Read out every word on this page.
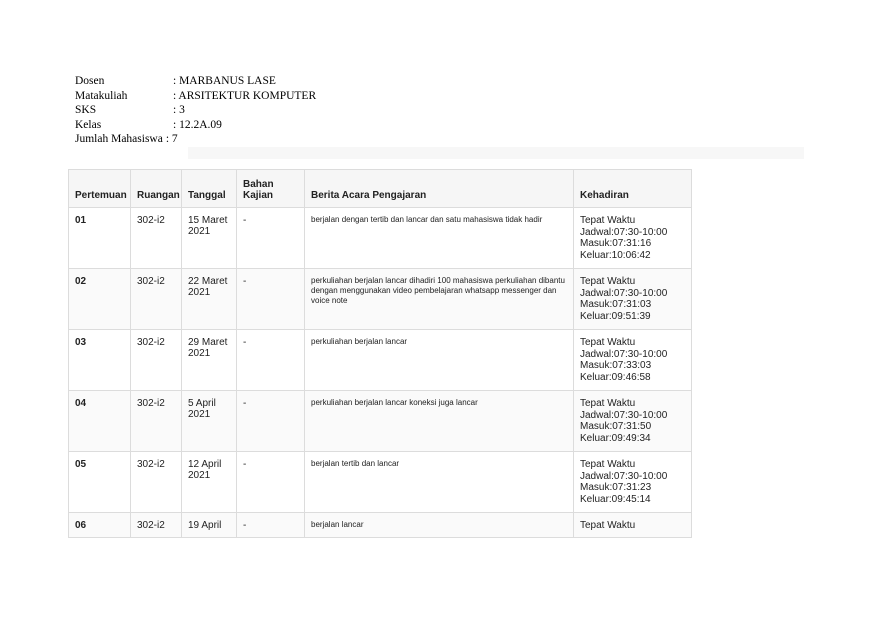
Dosen	: MARBANUS LASE
Matakuliah	: ARSITEKTUR KOMPUTER
SKS	: 3
Kelas	: 12.2A.09
Jumlah Mahasiswa : 7
Pertemuan	Ruangan	Tanggal	Bahan Kajian	Berita Acara Pengajaran	Kehadiran
01	302-i2	15 Maret 2021	-	berjalan dengan tertib dan lancar dan satu mahasiswa tidak hadir	Tepat Waktu
Jadwal:07:30-10:00
Masuk:07:31:16
Keluar:10:06:42

02	302-i2	22 Maret 2021	-	perkuliahan berjalan lancar dihadiri 100 mahasiswa perkuliahan dibantu dengan menggunakan video pembelajaran whatsapp messenger dan voice note	Tepat Waktu
Jadwal:07:30-10:00
Masuk:07:31:03
Keluar:09:51:39

03	302-i2	29 Maret 2021	-	perkuliahan berjalan lancar	Tepat Waktu
Jadwal:07:30-10:00
Masuk:07:33:03
Keluar:09:46:58

04	302-i2	5 April 2021	-	perkuliahan berjalan lancar koneksi juga lancar	Tepat Waktu
Jadwal:07:30-10:00
Masuk:07:31:50
Keluar:09:49:34

05	302-i2	12 April 2021	-	berjalan tertib dan lancar	Tepat Waktu
Jadwal:07:30-10:00
Masuk:07:31:23
Keluar:09:45:14

06	302-i2	19 April	-	berjalan lancar	Tepat Waktu
